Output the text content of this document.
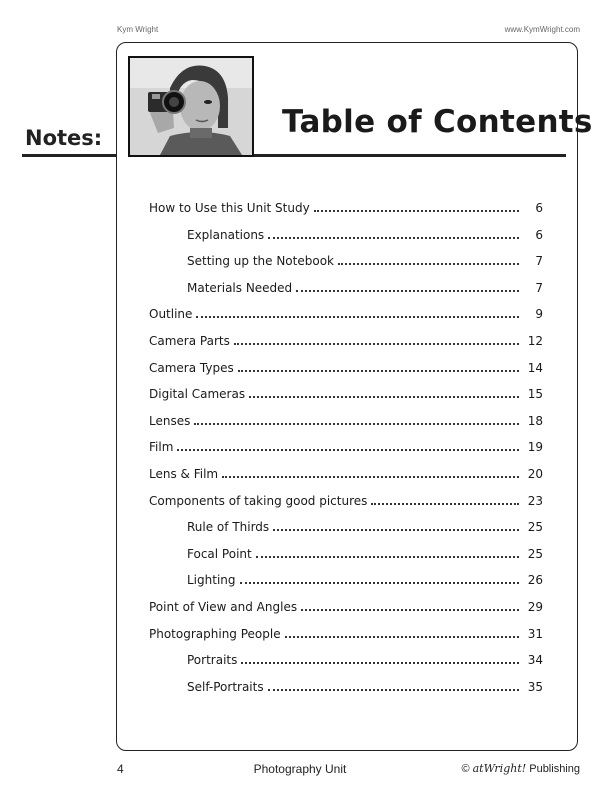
Kym Wright	www.KymWright.com
Notes:	Table of Contents
How to Use this Unit Study	6
Explanations	6
Setting up the Notebook	7
Materials Needed	7
Outline	9
Camera Parts	12
Camera Types	14
Digital Cameras	15
Lenses	18
Film	19
Lens & Film	20
Components of taking good pictures	23
Rule of Thirds	25
Focal Point	25
Lighting	26
Point of View and Angles	29
Photographing People	31
Portraits	34
Self-Portraits	35
4	Photography Unit	© atWright! Publishing
